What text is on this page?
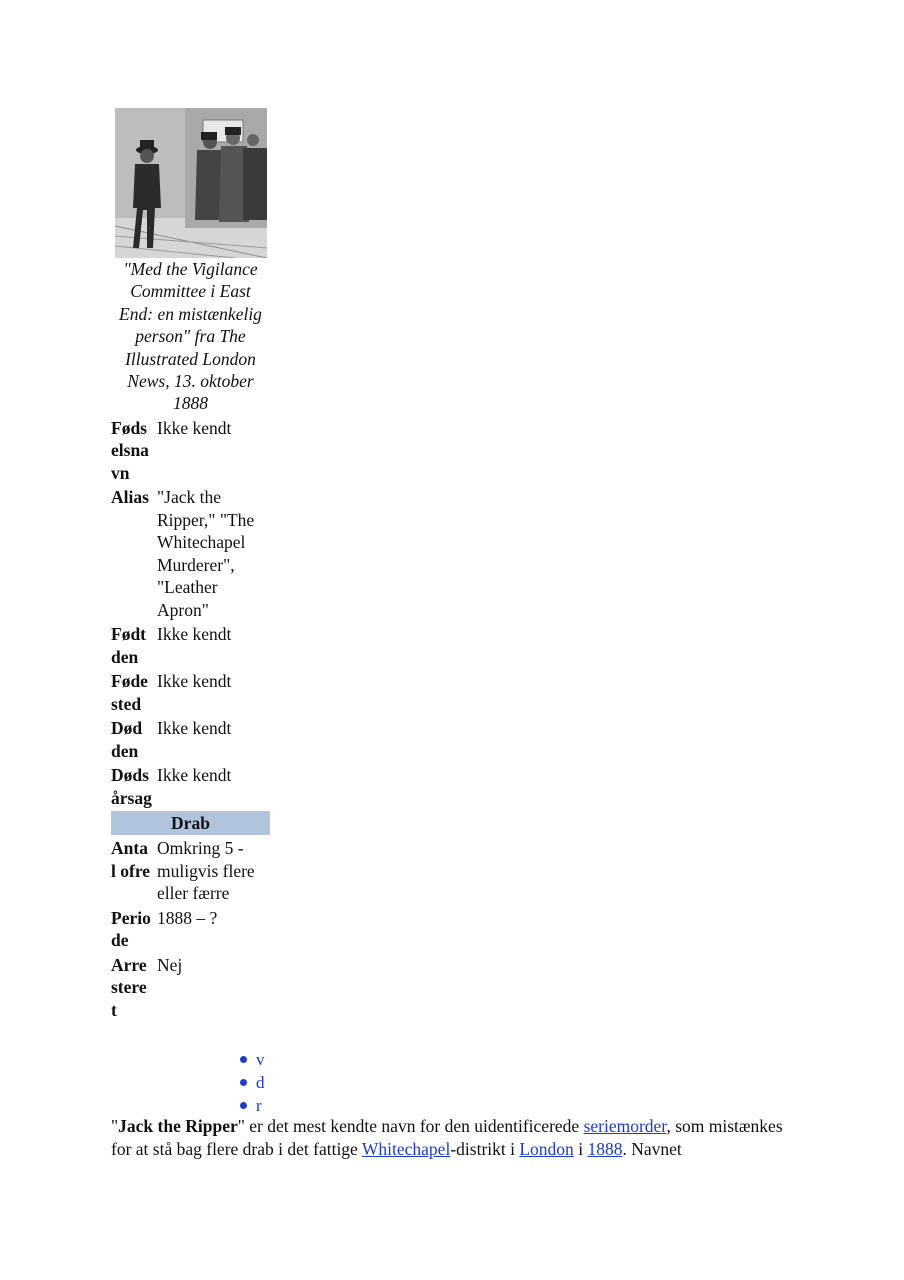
"Med the Vigilance Committee i East End: en mistænkelig person" fra The Illustrated London News, 13. oktober 1888
Fødselsnavn
Ikke kendt
Alias "Jack the Ripper," "The Whitechapel Murderer", "Leather Apron"
Født den
Ikke kendt
Fødested
Ikke kendt
Død den
Ikke kendt
Dødsårsag
Ikke kendt
Drab
Antal ofre
Omkring 5 - muligvis flere eller færre
Periode
1888 – ?
Arresteret
Nej
v
d
r
"Jack the Ripper" er det mest kendte navn for den uidentificerede seriemorder, som mistænkes for at stå bag flere drab i det fattige Whitechapel-distrikt i London i 1888. Navnet
